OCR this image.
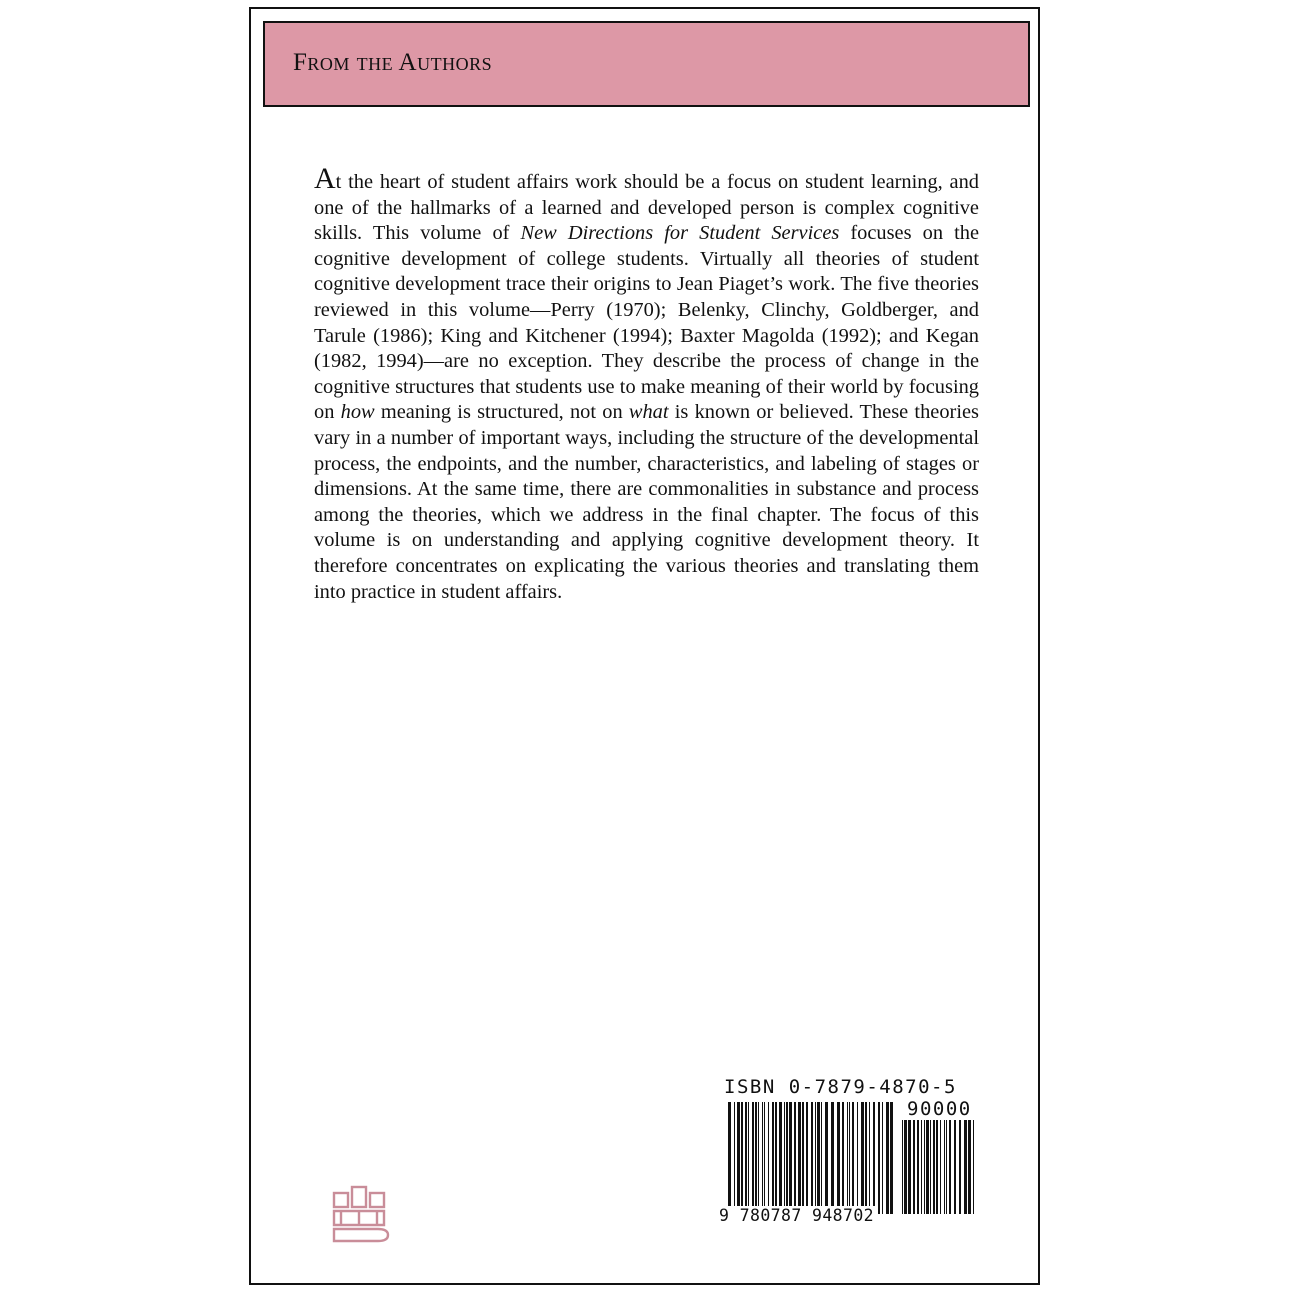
From the Authors
At the heart of student affairs work should be a focus on student learning, and one of the hallmarks of a learned and developed person is complex cognitive skills. This volume of New Directions for Student Services focuses on the cognitive development of college students. Virtually all theories of student cognitive development trace their origins to Jean Piaget’s work. The five theories reviewed in this volume—Perry (1970); Belenky, Clinchy, Goldberger, and Tarule (1986); King and Kitchener (1994); Baxter Magolda (1992); and Kegan (1982, 1994)—are no exception. They describe the process of change in the cognitive structures that students use to make meaning of their world by focusing on how meaning is structured, not on what is known or believed. These theories vary in a number of important ways, including the structure of the developmental process, the endpoints, and the number, characteristics, and labeling of stages or dimensions. At the same time, there are commonalities in substance and process among the theories, which we address in the final chapter. The focus of this volume is on understanding and applying cognitive development theory. It therefore concentrates on explicating the various theories and translating them into practice in student affairs.
ISBN 0-7879-4870-5
90000
9 780787 948702
